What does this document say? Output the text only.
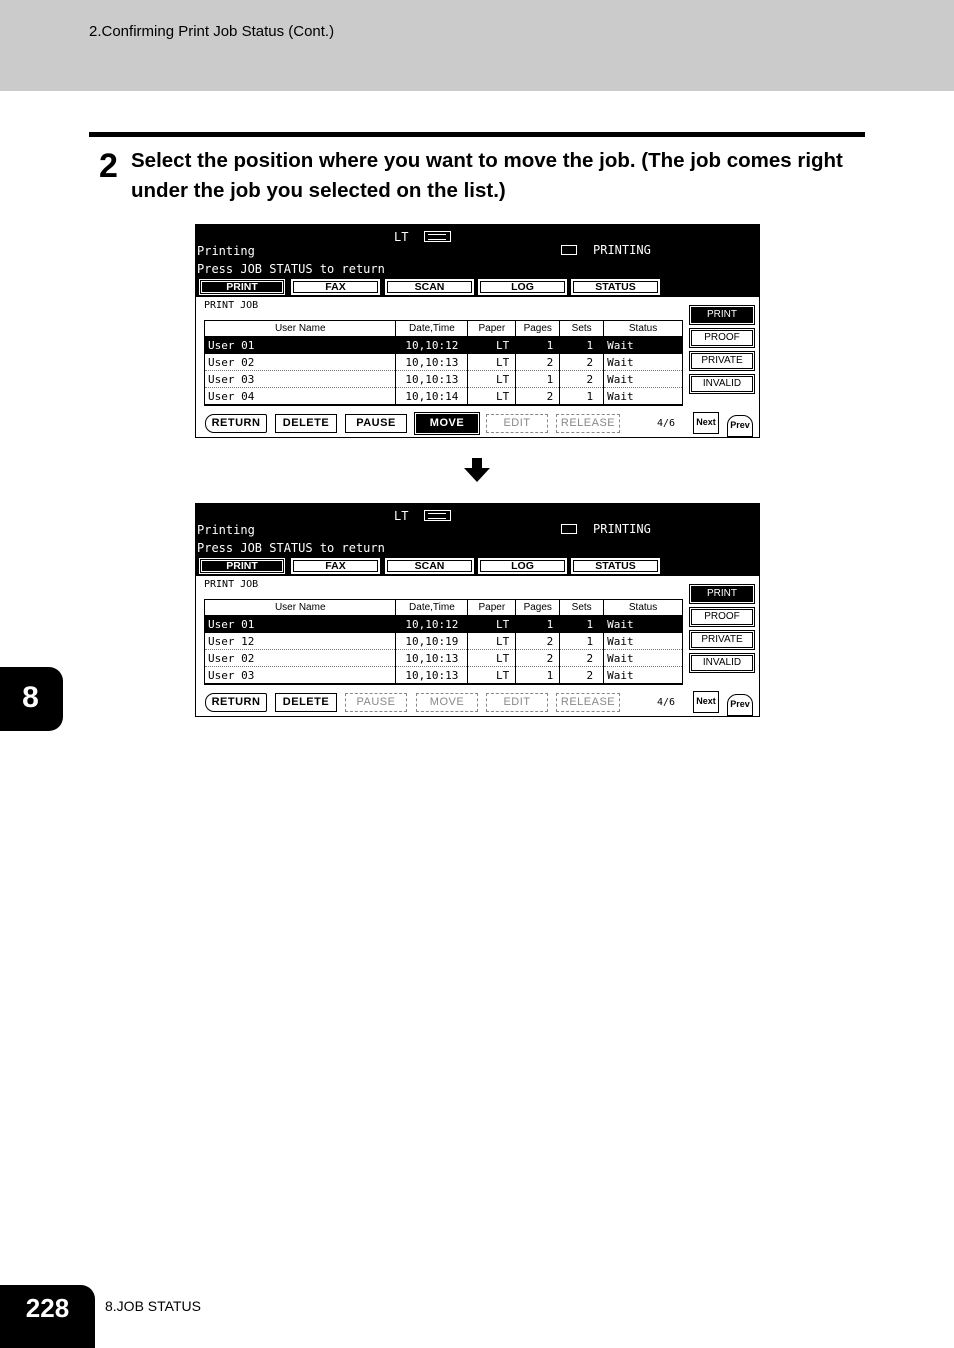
2.Confirming Print Job Status (Cont.)
2 Select the position where you want to move the job. (The job comes right under the job you selected on the list.)
LT
Printing
Press JOB STATUS to return
PRINTING
PRINT	FAX	SCAN	LOG	STATUS
PRINT JOB
User Name	Date,Time	Paper	Pages	Sets	Status
User 01	10,10:12	LT	1	1	Wait
User 02	10,10:13	LT	2	2	Wait
User 03	10,10:13	LT	1	2	Wait
User 04	10,10:14	LT	2	1	Wait
PRINT
PROOF
PRIVATE
INVALID
RETURN	DELETE	PAUSE	MOVE	EDIT	RELEASE	4/6	Next	Prev
LT
Printing
Press JOB STATUS to return
PRINTING
PRINT	FAX	SCAN	LOG	STATUS
PRINT JOB
User Name	Date,Time	Paper	Pages	Sets	Status
User 01	10,10:12	LT	1	1	Wait
User 12	10,10:19	LT	2	1	Wait
User 02	10,10:13	LT	2	2	Wait
User 03	10,10:13	LT	1	2	Wait
PRINT
PROOF
PRIVATE
INVALID
RETURN	DELETE	PAUSE	MOVE	EDIT	RELEASE	4/6	Next	Prev
8
228	8.JOB STATUS
